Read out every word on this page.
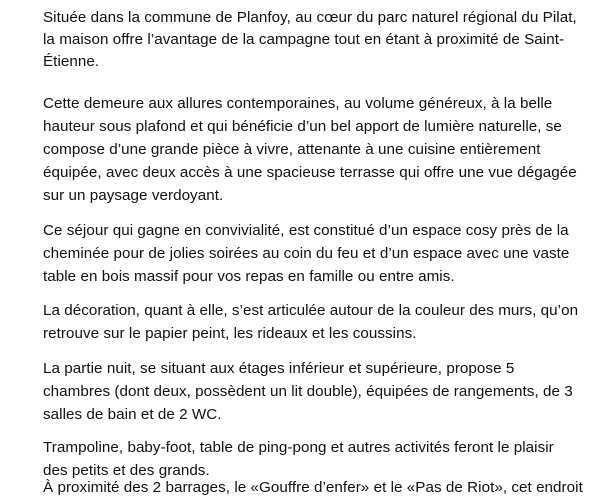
Située dans la commune de Planfoy, au cœur du parc naturel régional du Pilat,
la maison offre l’avantage de la campagne tout en étant à proximité de Saint-
Étienne.
Cette demeure aux allures contemporaines, au volume généreux, à la belle
hauteur sous plafond et qui bénéficie d’un bel apport de lumière naturelle, se
compose d’une grande pièce à vivre, attenante à une cuisine entièrement
équipée, avec deux accès à une spacieuse terrasse qui offre une vue dégagée
sur un paysage verdoyant.
Ce séjour qui gagne en convivialité, est constitué d’un espace cosy près de la
cheminée pour de jolies soirées au coin du feu et d’un espace avec une vaste
table en bois massif pour vos repas en famille ou entre amis.
La décoration, quant à elle, s’est articulée autour de la couleur des murs, qu’on
retrouve sur le papier peint, les rideaux et les coussins.
La partie nuit, se situant aux étages inférieur et supérieure, propose 5
chambres (dont deux, possèdent un lit double), équipées de rangements, de 3
salles de bain et de 2 WC.
Trampoline, baby-foot, table de ping-pong et autres activités feront le plaisir
des petits et des grands.
À proximité des 2 barrages, le «Gouffre d’enfer» et le «Pas de Riot», cet endroit
